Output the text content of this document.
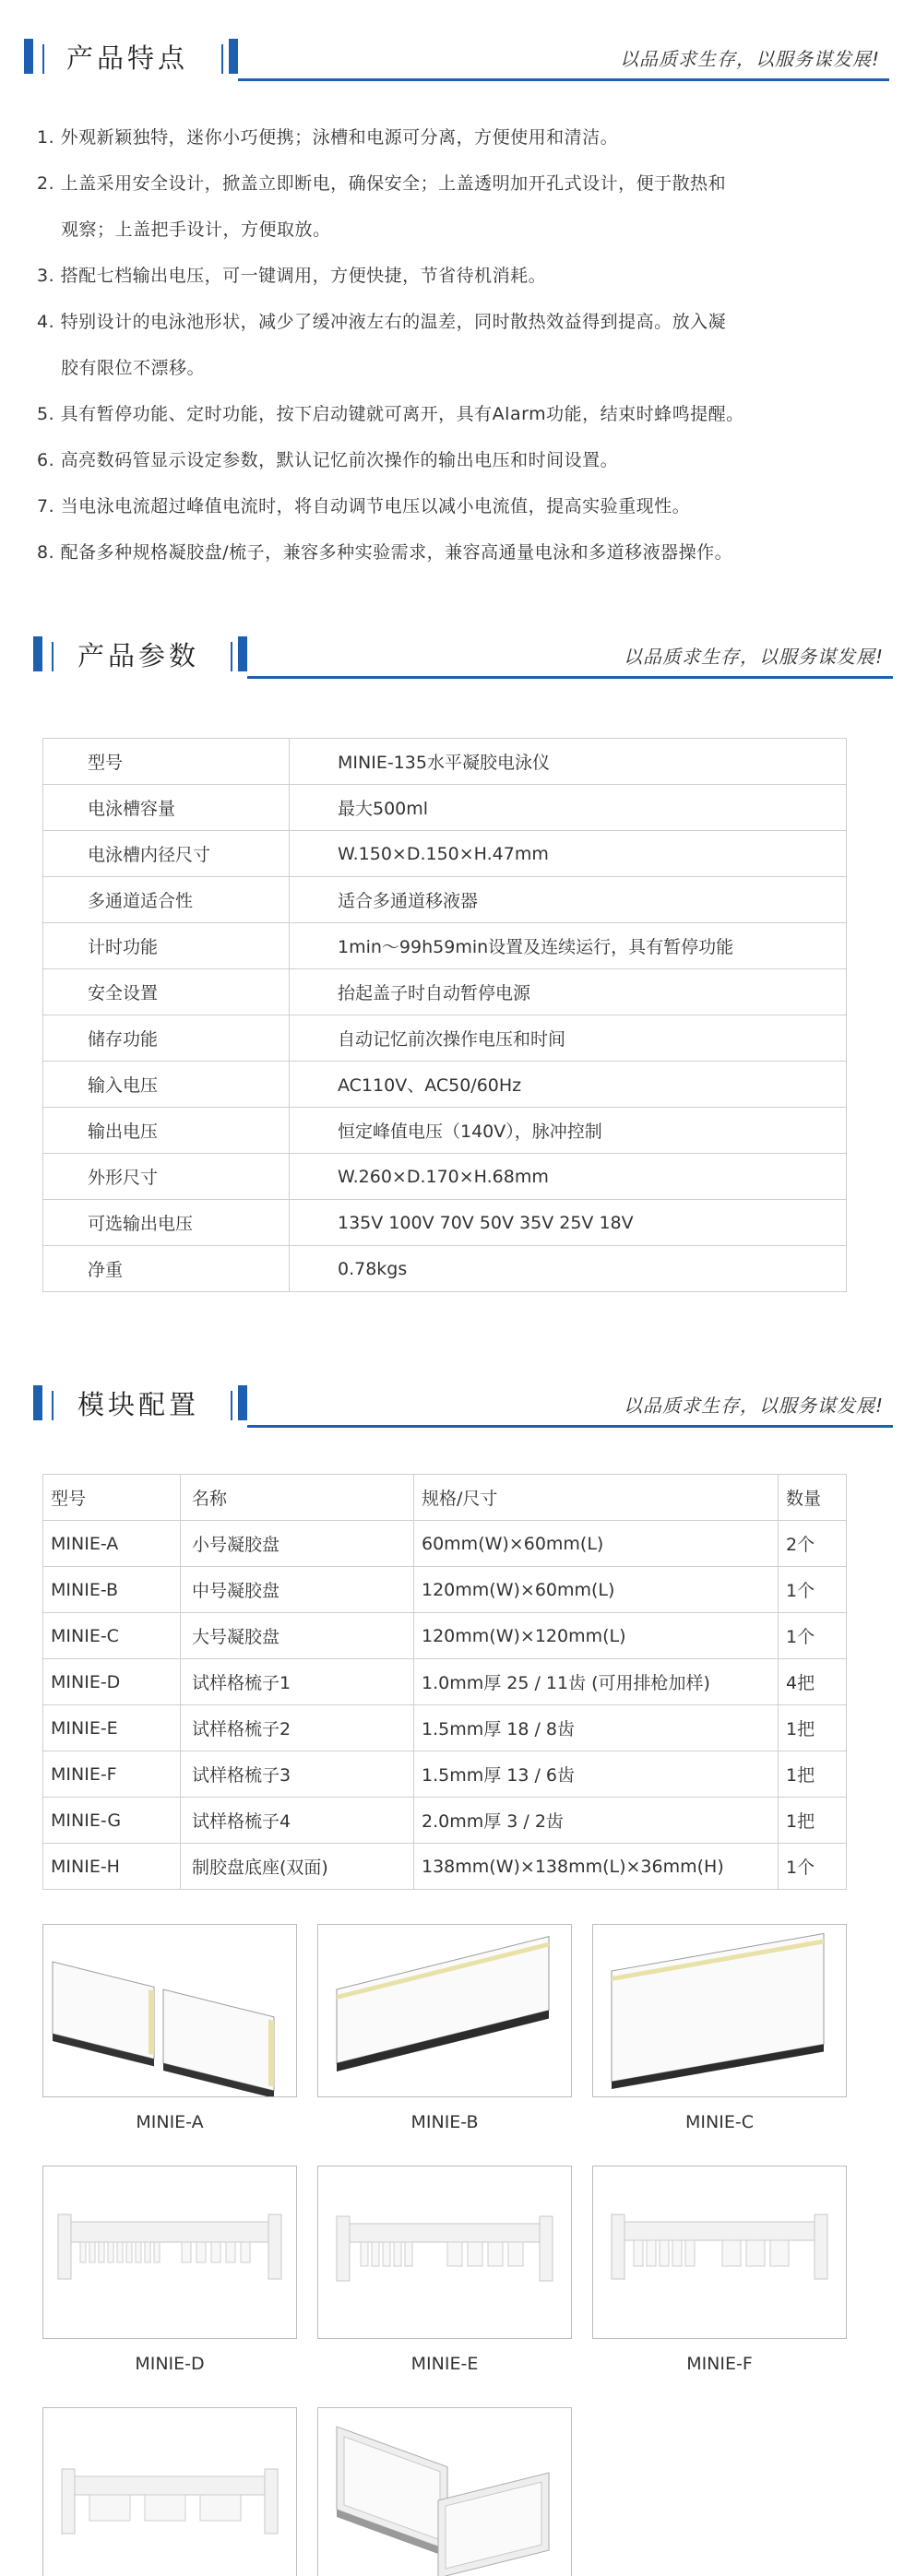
产品特点	以品质求生存，以服务谋发展!
1. 外观新颖独特，迷你小巧便携；泳槽和电源可分离，方便使用和清洁。
2. 上盖采用安全设计，掀盖立即断电，确保安全；上盖透明加开孔式设计，便于散热和
观察；上盖把手设计，方便取放。
3. 搭配七档输出电压，可一键调用，方便快捷，节省待机消耗。
4. 特别设计的电泳池形状，减少了缓冲液左右的温差，同时散热效益得到提高。放入凝
胶有限位不漂移。
5. 具有暂停功能、定时功能，按下启动键就可离开，具有Alarm功能，结束时蜂鸣提醒。
6. 高亮数码管显示设定参数，默认记忆前次操作的输出电压和时间设置。
7. 当电泳电流超过峰值电流时，将自动调节电压以减小电流值，提高实验重现性。
8. 配备多种规格凝胶盘/梳子，兼容多种实验需求，兼容高通量电泳和多道移液器操作。
产品参数	以品质求生存，以服务谋发展!
型号	MINIE-135水平凝胶电泳仪
电泳槽容量	最大500ml
电泳槽内径尺寸	W.150×D.150×H.47mm
多通道适合性	适合多通道移液器
计时功能	1min～99h59min设置及连续运行，具有暂停功能
安全设置	抬起盖子时自动暂停电源
储存功能	自动记忆前次操作电压和时间
输入电压	AC110V、AC50/60Hz
输出电压	恒定峰值电压（140V），脉冲控制
外形尺寸	W.260×D.170×H.68mm
可选输出电压	135V 100V 70V 50V 35V 25V 18V
净重	0.78kgs
模块配置	以品质求生存，以服务谋发展!
型号	名称	规格/尺寸	数量
MINIE-A	小号凝胶盘	60mm(W)×60mm(L)	2个
MINIE-B	中号凝胶盘	120mm(W)×60mm(L)	1个
MINIE-C	大号凝胶盘	120mm(W)×120mm(L)	1个
MINIE-D	试样格梳子1	1.0mm厚 25 / 11齿 (可用排枪加样)	4把
MINIE-E	试样格梳子2	1.5mm厚 18 / 8齿	1把
MINIE-F	试样格梳子3	1.5mm厚 13 / 6齿	1把
MINIE-G	试样格梳子4	2.0mm厚 3 / 2齿	1把
MINIE-H	制胶盘底座(双面)	138mm(W)×138mm(L)×36mm(H)	1个
MINIE-A	MINIE-B	MINIE-C
MINIE-D	MINIE-E	MINIE-F
